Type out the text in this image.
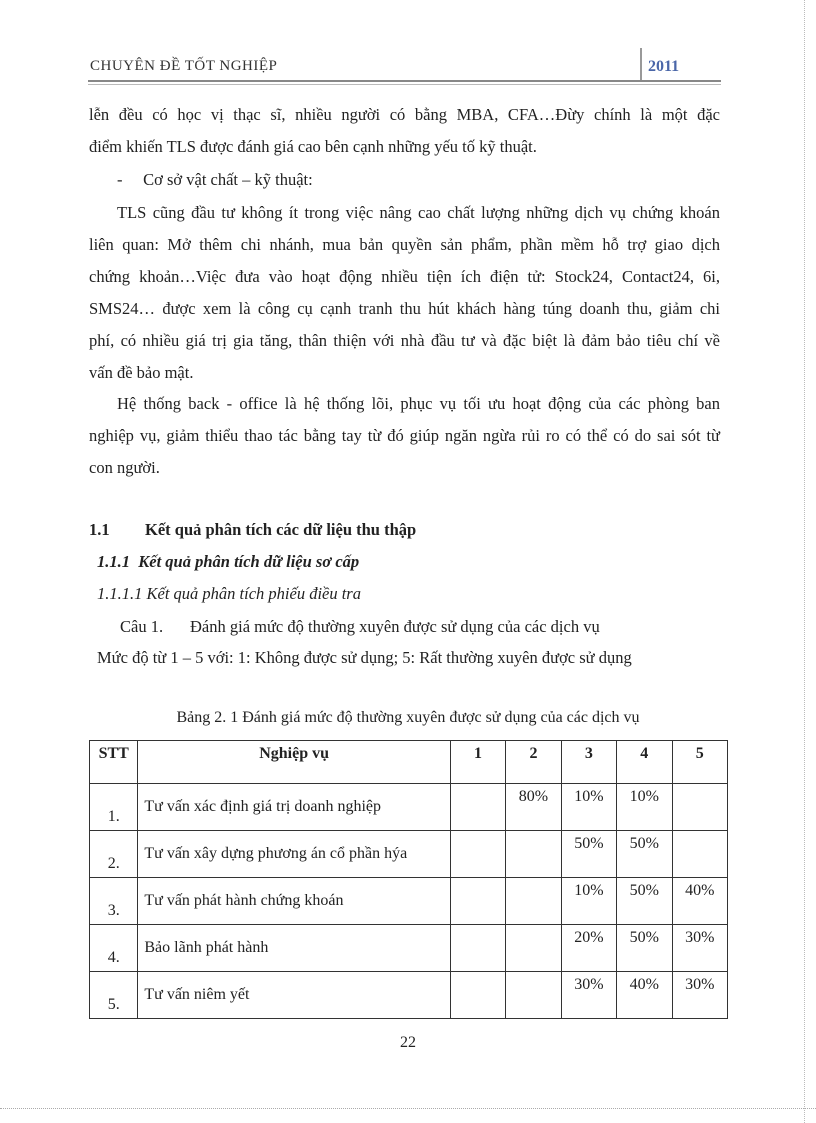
CHUYÊN ĐỀ TỐT NGHIỆP	2011
lễn đều có học vị thạc sĩ, nhiều người có bằng MBA, CFA…Đừy chính là một đặc
điểm khiến TLS được đánh giá cao bên cạnh những yếu tố kỹ thuật.
-     Cơ sở vật chất – kỹ thuật:
TLS cũng đầu tư không ít trong việc nâng cao chất lượng những dịch vụ chứng khoán
liên quan: Mở thêm chi nhánh, mua bản quyền sản phẩm, phần mềm hỗ trợ giao dịch
chứng khoản…Việc đưa vào hoạt động nhiều tiện ích điện tử: Stock24, Contact24, 6i,
SMS24… được xem là công cụ cạnh tranh thu hút khách hàng túng doanh thu, giảm chi
phí, có nhiều giá trị gia tăng, thân thiện với nhà đầu tư và đặc biệt là đảm bảo tiêu chí về
vấn đề bảo mật.
Hệ thống back - office là hệ thống lõi, phục vụ tối ưu hoạt động của các phòng ban
nghiệp vụ, giảm thiểu thao tác bằng tay từ đó giúp ngăn ngừa rủi ro có thể có do sai sót từ
con người.
1.1 Kết quả phân tích các dữ liệu thu thập
1.1.1  Kết quả phân tích dữ liệu sơ cấp
1.1.1.1 Kết quả phân tích phiếu điều tra
Câu 1. Đánh giá mức độ thường xuyên được sử dụng của các dịch vụ
Mức độ từ 1 – 5 với: 1: Không được sử dụng; 5: Rất thường xuyên được sử dụng
Bảng 2. 1 Đánh giá mức độ thường xuyên được sử dụng của các dịch vụ
STT	Nghiệp vụ	1	2	3	4	5
1.	Tư vấn xác định giá trị doanh nghiệp		80%	10%	10%	
2.	Tư vấn xây dựng phương án cổ phần hýa			50%	50%	
3.	Tư vấn phát hành chứng khoán			10%	50%	40%
4.	Bảo lãnh phát hành			20%	50%	30%
5.	Tư vấn niêm yết			30%	40%	30%
22
